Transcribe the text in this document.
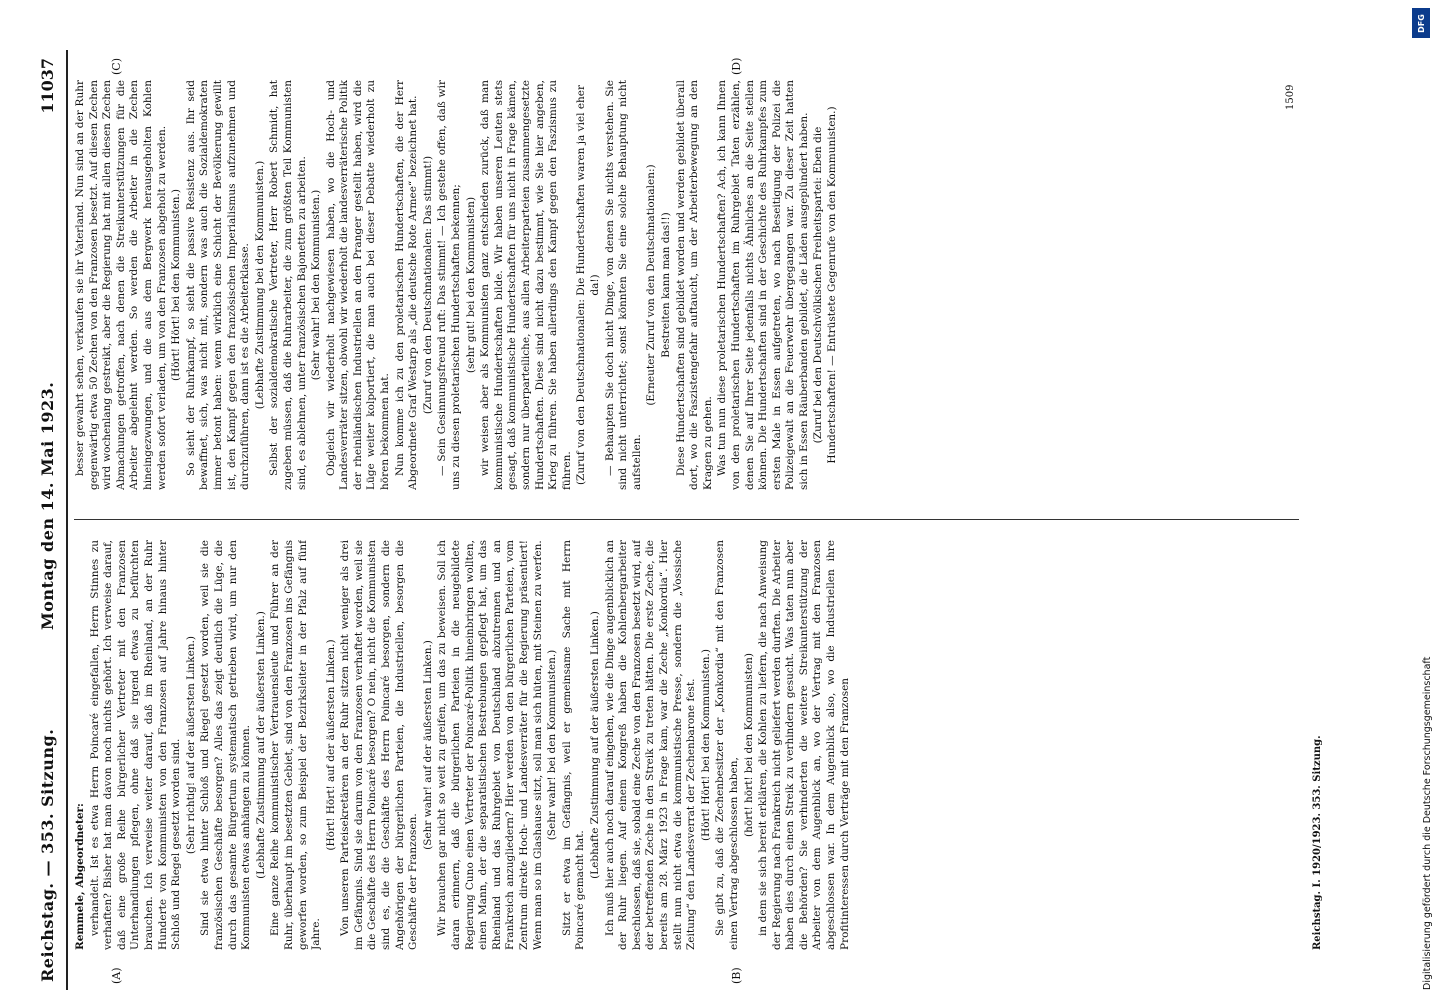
Reichstag. — 353. Sitzung.
Montag den 14. Mai 1923.
11037
(A)	(B)
(C)	(D)

Remmele, Abgeordneter: verhandelt. Ist es etwa Herrn Poincaré eingefallen, Herrn Stinnes zu verhaften? Bisher hat man davon noch nichts gehört. Ich verweise darauf, daß eine große Reihe bürgerlicher Vertreter mit den Franzosen Unterhandlungen pflegen, ohne daß sie irgend etwas zu befürchten brauchen. Ich verweise weiter darauf, daß im Rheinland, an der Ruhr Hunderte von Kommunisten von den Franzosen auf Jahre hinaus hinter Schloß und Riegel gesetzt worden sind. (Sehr richtig! auf der äußersten Linken.) Sind sie etwa hinter Schloß und Riegel gesetzt worden, weil sie die französischen Geschäfte besorgen? Alles das zeigt deutlich die Lüge, die durch das gesamte Bürgertum systematisch getrieben wird, um nur den Kommunisten etwas anhängen zu können. (Lebhafte Zustimmung auf der äußersten Linken.) Eine ganze Reihe kommunistischer Vertrauensleute und Führer an der Ruhr, überhaupt im besetzten Gebiet, sind von den Franzosen ins Gefängnis geworfen worden, so zum Beispiel der Bezirksleiter in der Pfalz auf fünf Jahre.

(Hört! Hört! auf der äußersten Linken.) Von unseren Parteisekretären an der Ruhr sitzen nicht weniger als drei im Gefängnis. Sind sie darum von den Franzosen verhaftet worden, weil sie die Geschäfte des Herrn Poincaré besorgen? O nein, nicht die Kommunisten sind es, die die Geschäfte des Herrn Poincaré besorgen, sondern die Angehörigen der bürgerlichen Parteien, die Industriellen, besorgen die Geschäfte der Franzosen.

(Sehr wahr! auf der äußersten Linken.) Wir brauchen gar nicht so weit zu greifen, um das zu beweisen. Soll ich daran erinnern, daß die bürgerlichen Parteien in die neugebildete Regierung Cuno einen Vertreter der Poincaré-Politik hineinbringen wollten, einen Mann, der die separatistischen Bestrebungen gepflegt hat, um das Rheinland und das Ruhrgebiet von Deutschland abzutrennen und an Frankreich anzugliedern? Hier werden von den bürgerlichen Parteien, vom Zentrum direkte Hoch- und Landesverräter für die Regierung präsentiert! Wenn man so im Glashause sitzt, soll man sich hüten, mit Steinen zu werfen. (Sehr wahr! bei den Kommunisten.) Sitzt er etwa im Gefängnis, weil er gemeinsame Sache mit Herrn Poincaré gemacht hat.

(Lebhafte Zustimmung auf der äußersten Linken.) Ich muß hier auch noch darauf eingehen, wie die Dinge augenblicklich an der Ruhr liegen. Auf einem Kongreß haben die Kohlenbergarbeiter beschlossen, daß sie, sobald eine Zeche von den Franzosen besetzt wird, auf der betreffenden Zeche in den Streik zu treten hätten. Die erste Zeche, die bereits am 28. März 1923 in Frage kam, war die Zeche „Konkordia“. Hier stellt nun nicht etwa die kommunistische Presse, sondern die „Vossische Zeitung“ den Landesverrat der Zechenbarone fest. (Hört! Hört! bei den Kommunisten.) Sie gibt zu, daß die Zechenbesitzer der „Konkordia“ mit den Franzosen einen Vertrag abgeschlossen haben,

(hört! hört! bei den Kommunisten) in dem sie sich bereit erklären, die Kohlen zu liefern, die nach Anweisung der Regierung nach Frankreich nicht geliefert werden durften. Die Arbeiter haben dies durch einen Streik zu verhindern gesucht. Was taten nun aber die Behörden? Sie verhinderten die weitere Streikunterstützung der Arbeiter von dem Augenblick an, wo der Vertrag mit den Franzosen abgeschlossen war. In dem Augenblick also, wo die Industriellen ihre Profitinteressen durch Verträge mit den Franzosen

besser gewahrt sehen, verkaufen sie ihr Vaterland. Nun sind an der Ruhr gegenwärtig etwa 50 Zechen von den Franzosen besetzt. Auf diesen Zechen wird wochenlang gestreikt, aber die Regierung hat mit allen diesen Zechen Abmachungen getroffen, nach denen die Streikunterstützungen für die Arbeiter abgelehnt werden. So werden die Arbeiter in die Zechen hineingezwungen, und die aus dem Bergwerk herausgeholten Kohlen werden sofort verladen, um von den Franzosen abgeholt zu werden. (Hört! Hört! bei den Kommunisten.) So sieht der Ruhrkampf, so sieht die passive Resistenz aus. Ihr seid bewaffnet, sich, was nicht mit, sondern was auch die Sozialdemokraten immer betont haben: wenn wirklich eine Schicht der Bevölkerung gewillt ist, den Kampf gegen den französischen Imperialismus aufzunehmen und durchzuführen, dann ist es die Arbeiterklasse. (Lebhafte Zustimmung bei den Kommunisten.) Selbst der sozialdemokratische Vertreter, Herr Robert Schmidt, hat zugeben müssen, daß die Ruhrarbeiter, die zum größten Teil Kommunisten sind, es ablehnen, unter französischen Bajonetten zu arbeiten. (Sehr wahr! bei den Kommunisten.) Obgleich wir wiederholt nachgewiesen haben, wo die Hoch- und Landesverräter sitzen, obwohl wir wiederholt die landesverräterische Politik der rheinländischen Industriellen an den Pranger gestellt haben, wird die Lüge weiter kolportiert, die man auch bei dieser Debatte wiederholt zu hören bekommen hat. Nun komme ich zu den proletarischen Hundertschaften, die der Herr Abgeordnete Graf Westarp als „die deutsche Rote Armee“ bezeichnet hat. (Zuruf von den Deutschnationalen: Das stimmt!) — Sein Gesinnungsfreund ruft: Das stimmt! — Ich gestehe offen, daß wir uns zu diesen proletarischen Hundertschaften bekennen; (sehr gut! bei den Kommunisten) wir weisen aber als Kommunisten ganz entschieden zurück, daß man kommunistische Hundertschaften bilde. Wir haben unseren Leuten stets gesagt, daß kommunistische Hundertschaften für uns nicht in Frage kämen, sondern nur überparteiliche, aus allen Arbeiterparteien zusammengesetzte Hundertschaften. Diese sind nicht dazu bestimmt, wie Sie hier angeben, Krieg zu führen. Sie haben allerdings den Kampf gegen den Faszismus zu führen. (Zuruf von den Deutschnationalen: Die Hundertschaften waren ja viel eher da!) — Behaupten Sie doch nicht Dinge, von denen Sie nichts verstehen. Sie sind nicht unterrichtet; sonst könnten Sie eine solche Behauptung nicht aufstellen.

(Erneuter Zuruf von den Deutschnationalen:) Bestreiten kann man das!!) Diese Hundertschaften sind gebildet worden und werden gebildet überall dort, wo die Faszistengefahr auftaucht, um der Arbeiterbewegung an den Kragen zu gehen. Was tun nun diese proletarischen Hundertschaften? Ach, ich kann Ihnen von den proletarischen Hundertschaften im Ruhrgebiet Taten erzählen, denen Sie auf Ihrer Seite jedenfalls nichts Ähnliches an die Seite stellen können. Die Hundertschaften sind in der Geschichte des Ruhrkampfes zum ersten Male in Essen aufgetreten, wo nach Beseitigung der Polizei die Polizeigewalt an die Feuerwehr übergegangen war. Zu dieser Zeit hatten sich in Essen Räuberbanden gebildet, die Läden ausgeplündert haben. (Zuruf bei den Deutschvölkischen Freiheitspartei: Eben die Hundertschaften! — Entrüstete Gegenrufe von den Kommunisten.)

Reichstag. I. 1920/1923. 353. Sitzung.
1509
DFG
Digitalisierung gefördert durch die Deutsche Forschungsgemeinschaft
